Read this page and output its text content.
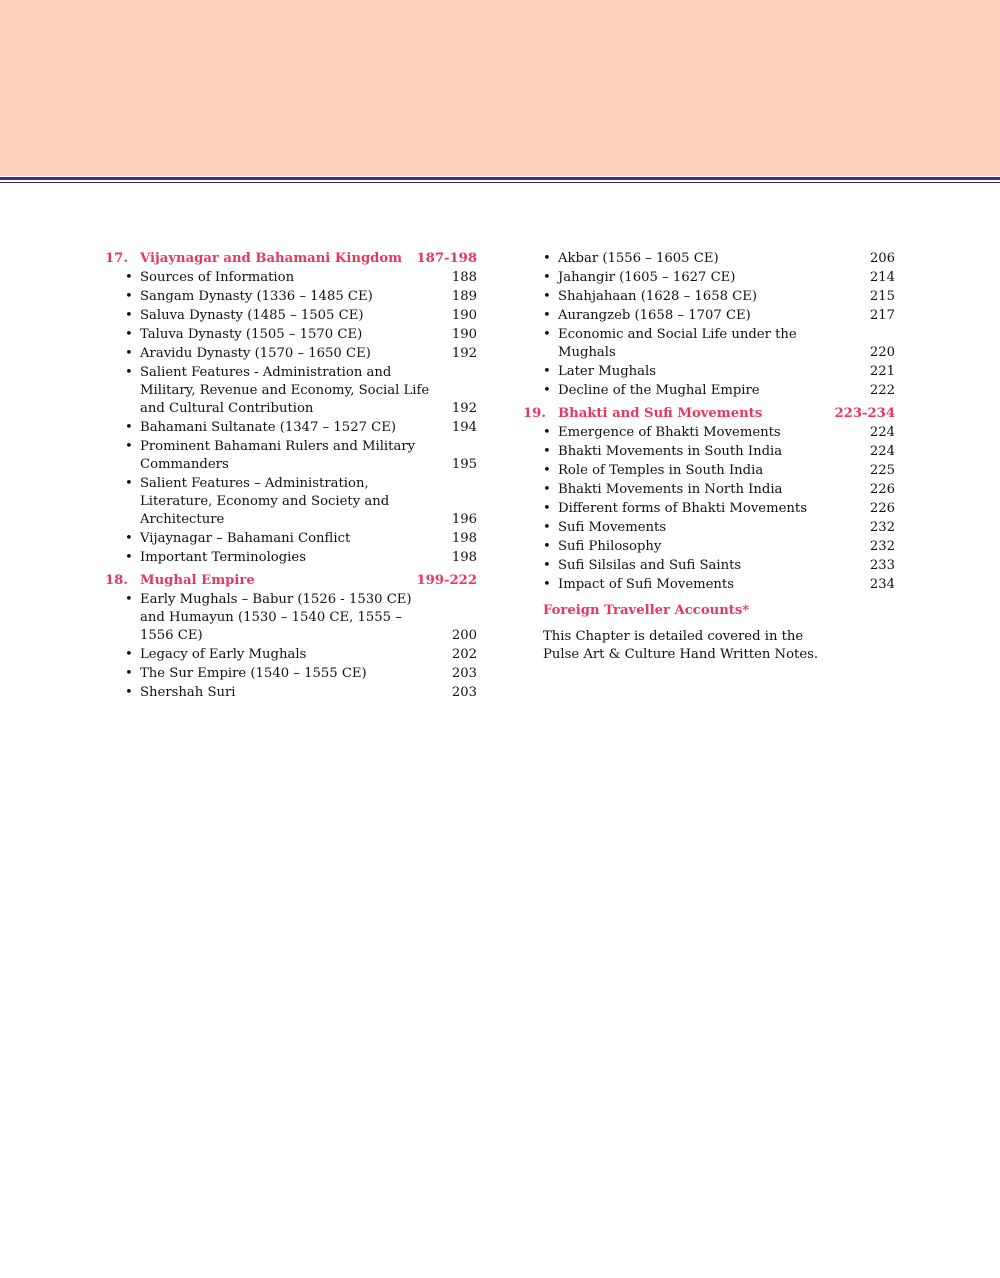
17. Vijaynagar and Bahamani Kingdom	187-198
• Sources of Information	188
• Sangam Dynasty (1336 – 1485 CE)	189
• Saluva Dynasty (1485 – 1505 CE)	190
• Taluva Dynasty (1505 – 1570 CE)	190
• Aravidu Dynasty (1570 – 1650 CE)	192
• Salient Features - Administration and Military, Revenue and Economy, Social Life and Cultural Contribution	192
• Bahamani Sultanate (1347 – 1527 CE)	194
• Prominent Bahamani Rulers and Military Commanders	195
• Salient Features – Administration, Literature, Economy and Society and Architecture	196
• Vijaynagar – Bahamani Conflict	198
• Important Terminologies	198
18. Mughal Empire	199-222
• Early Mughals – Babur (1526 - 1530 CE) and Humayun (1530 – 1540 CE, 1555 – 1556 CE)	200
• Legacy of Early Mughals	202
• The Sur Empire (1540 – 1555 CE)	203
• Shershah Suri	203
• Akbar (1556 – 1605 CE)	206
• Jahangir (1605 – 1627 CE)	214
• Shahjahaan (1628 – 1658 CE)	215
• Aurangzeb (1658 – 1707 CE)	217
• Economic and Social Life under the Mughals	220
• Later Mughals	221
• Decline of the Mughal Empire	222
19. Bhakti and Sufi Movements	223-234
• Emergence of Bhakti Movements	224
• Bhakti Movements in South India	224
• Role of Temples in South India	225
• Bhakti Movements in North India	226
• Different forms of Bhakti Movements	226
• Sufi Movements	232
• Sufi Philosophy	232
• Sufi Silsilas and Sufi Saints	233
• Impact of Sufi Movements	234
Foreign Traveller Accounts*
This Chapter is detailed covered in the Pulse Art & Culture Hand Written Notes.
